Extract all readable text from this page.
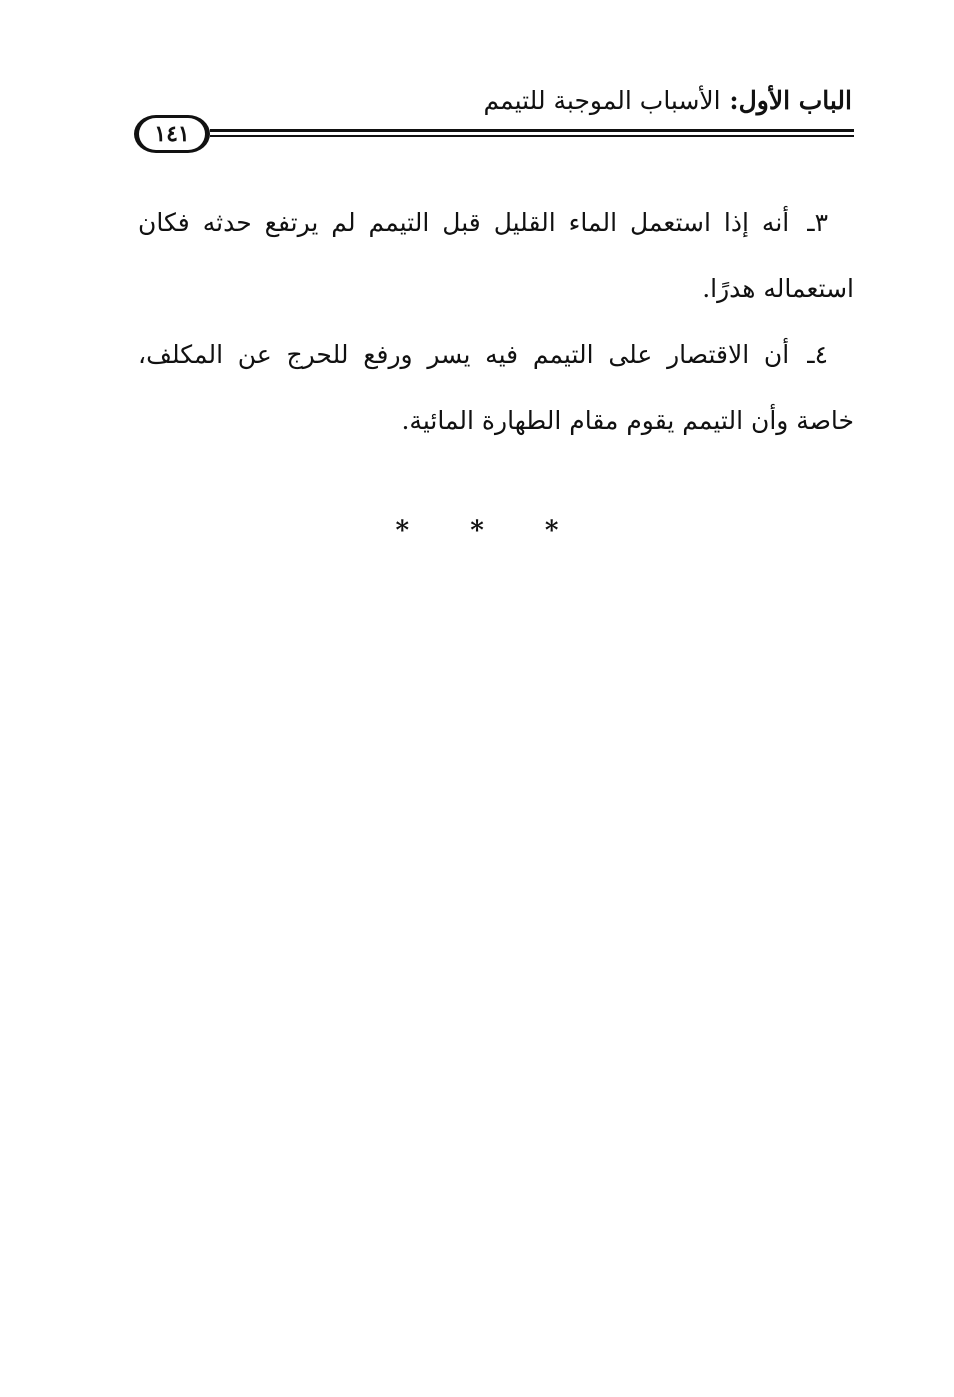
الباب الأول: الأسباب الموجبة للتيمم
١٤١

٣ـأنه إذا استعمل الماء القليل قبل التيمم لم يرتفع حدثه فكان استعماله هدرًا.

٤ـأن الاقتصار على التيمم فيه يسر ورفع للحرج عن المكلف، خاصة وأن التيمم يقوم مقام الطهارة المائية.

* * *
